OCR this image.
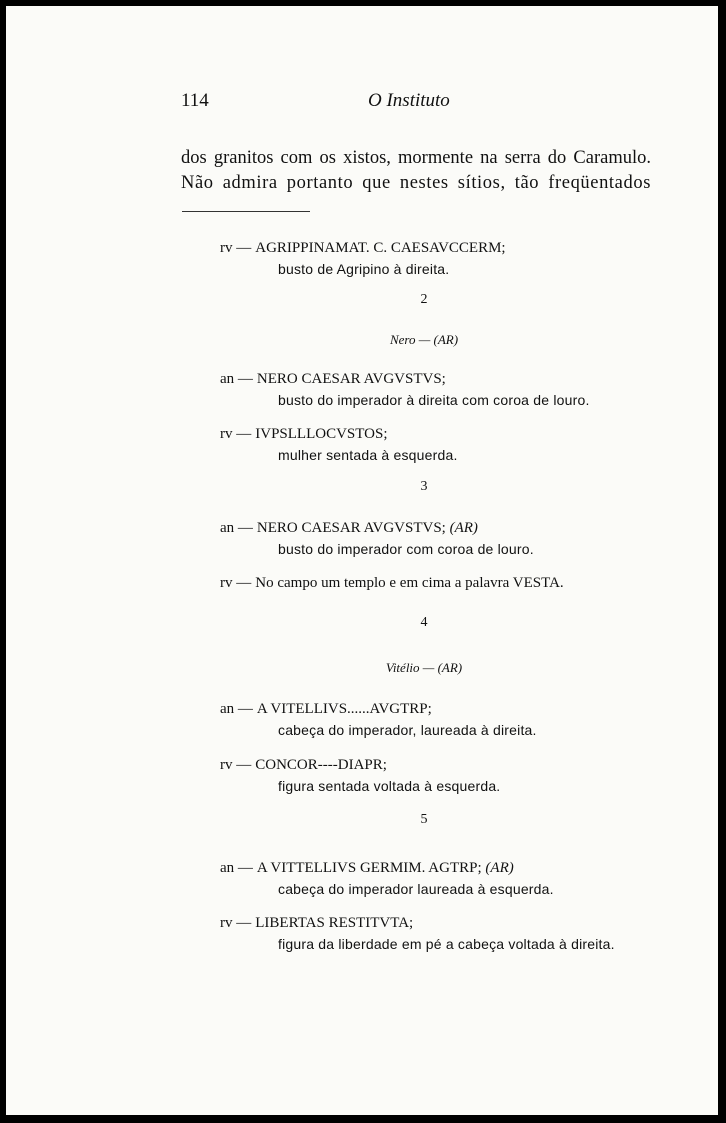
114	O Instituto
dos granitos com os xistos, mormente na serra do Caramulo.
Não admira portanto que nestes sítios, tão freqüentados
rv — AGRIPPINAMAT. C. CAESAVCCERM;
busto de Agripino à direita.
2
Nero — (AR)
an — NERO CAESAR AVGVSTVS;
busto do imperador à direita com coroa de louro.
rv — IVPSLLLOCVSTOS;
mulher sentada à esquerda.
3
an — NERO CAESAR AVGVSTVS; (AR)
busto do imperador com coroa de louro.
rv — No campo um templo e em cima a palavra VESTA.
4
Vitélio — (AR)
an — A VITELLIVS......AVGTRP;
cabeça do imperador, laureada à direita.
rv — CONCOR----DIAPR;
figura sentada voltada à esquerda.
5
an — A VITTELLIVS GERMIM. AGTRP; (AR)
cabeça do imperador laureada à esquerda.
rv — LIBERTAS RESTITVTA;
figura da liberdade em pé a cabeça voltada à direita.
